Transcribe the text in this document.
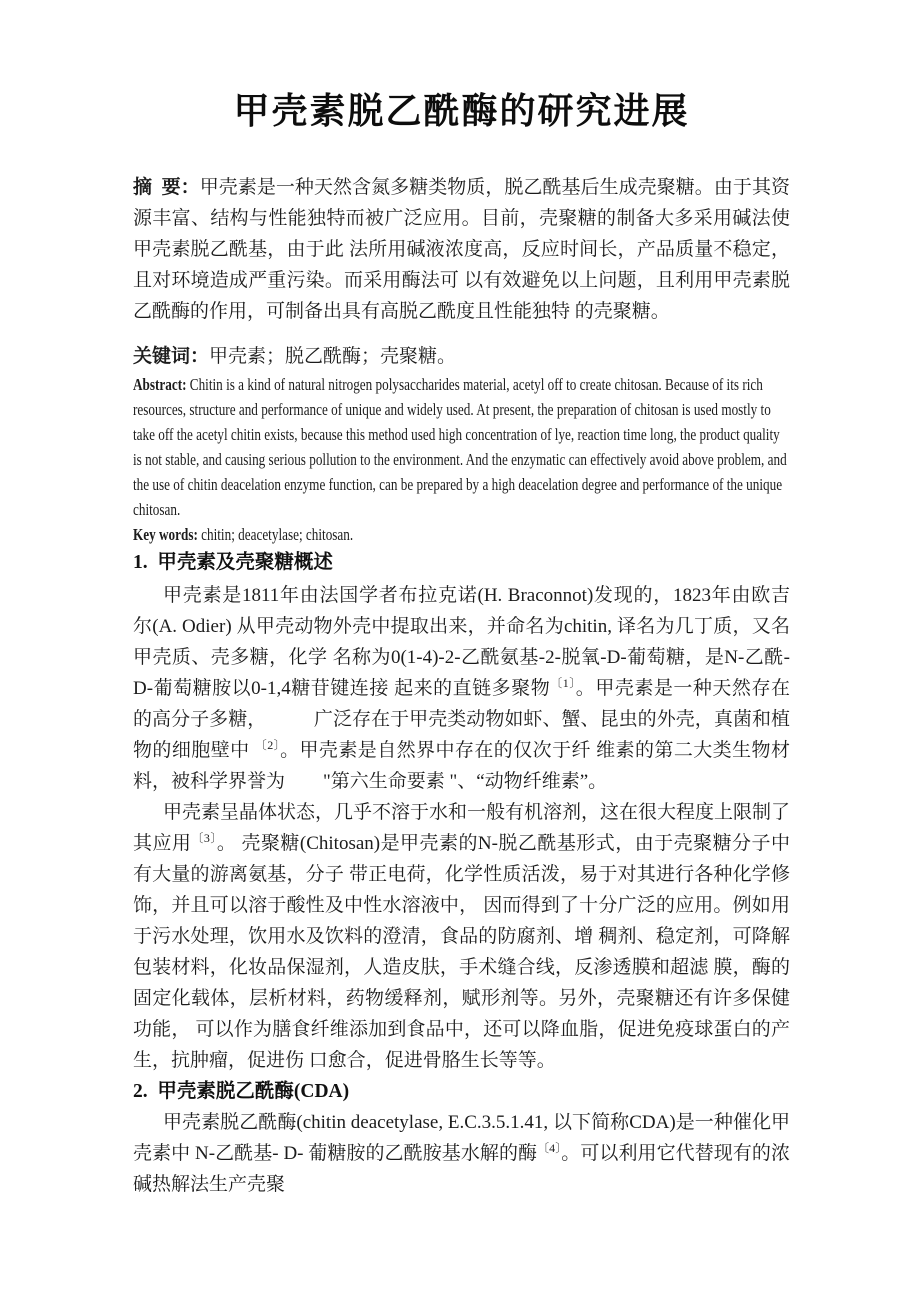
甲壳素脱乙酰酶的研究进展

摘 要：甲壳素是一种天然含氮多糖类物质，脱乙酰基后生成壳聚糖。由于其资源丰富、结构与性能独特而被广泛应用。目前，壳聚糖的制备大多采用碱法使甲壳素脱乙酰基，由于此 法所用碱液浓度高，反应时间长，产品质量不稳定，且对环境造成严重污染。而采用酶法可 以有效避免以上问题，且利用甲壳素脱乙酰酶的作用，可制备出具有高脱乙酰度且性能独特 的壳聚糖。

关键词：甲壳素；脱乙酰酶；壳聚糖。

Abstract: Chitin is a kind of natural nitrogen polysaccharides material, acetyl off to create chitosan. Because of its rich resources, structure and performance of unique and widely used. At present, the preparation of chitosan is used mostly to take off the acetyl chitin exists, because this method used high concentration of lye, reaction time long, the product quality is not stable, and causing serious pollution to the environment. And the enzymatic can effectively avoid above problem, and the use of chitin deacelation enzyme function, can be prepared by a high deacelation degree and performance of the unique chitosan.

Key words: chitin; deacetylase; chitosan.

1. 甲壳素及壳聚糖概述

甲壳素是1811年由法国学者布拉克诺(H. Braconnot)发现的，1823年由欧吉尔(A. Odier) 从甲壳动物外壳中提取出来，并命名为chitin, 译名为几丁质，又名甲壳质、壳多糖，化学 名称为0(1-4)-2-乙酰氨基-2-脱氧-D-葡萄糖，是N-乙酰-D-葡萄糖胺以0-1,4糖苷键连接 起来的直链多聚物$^{〔1〕}$。甲壳素是一种天然存在的高分子多糖，　　　广泛存在于甲壳类动物如虾、蟹、昆虫的外壳，真菌和植物的细胞壁中 $^{〔2〕}$。甲壳素是自然界中存在的仅次于纤 维素的第二大类生物材料，被科学界誉为　　"第六生命要素 "、“动物纤维素”。

甲壳素呈晶体状态，几乎不溶于水和一般有机溶剂，这在很大程度上限制了其应用$^{〔3〕}$。 壳聚糖(Chitosan)是甲壳素的N-脱乙酰基形式，由于壳聚糖分子中有大量的游离氨基，分子 带正电荷，化学性质活泼，易于对其进行各种化学修饰，并且可以溶于酸性及中性水溶液中， 因而得到了十分广泛的应用。例如用于污水处理，饮用水及饮料的澄清，食品的防腐剂、增 稠剂、稳定剂，可降解包装材料，化妆品保湿剂，人造皮肤，手术缝合线，反渗透膜和超滤 膜，酶的固定化载体，层析材料，药物缓释剂，赋形剂等。另外，壳聚糖还有许多保健功能， 可以作为膳食纤维添加到食品中，还可以降血脂，促进免疫球蛋白的产生，抗肿瘤，促进伤 口愈合，促进骨胳生长等等。

2. 甲壳素脱乙酰酶(CDA)

甲壳素脱乙酰酶(chitin deacetylase, E.C.3.5.1.41, 以下简称CDA)是一种催化甲壳素中 N-乙酰基- D- 葡糖胺的乙酰胺基水解的酶$^{〔4〕}$。可以利用它代替现有的浓碱热解法生产壳聚
